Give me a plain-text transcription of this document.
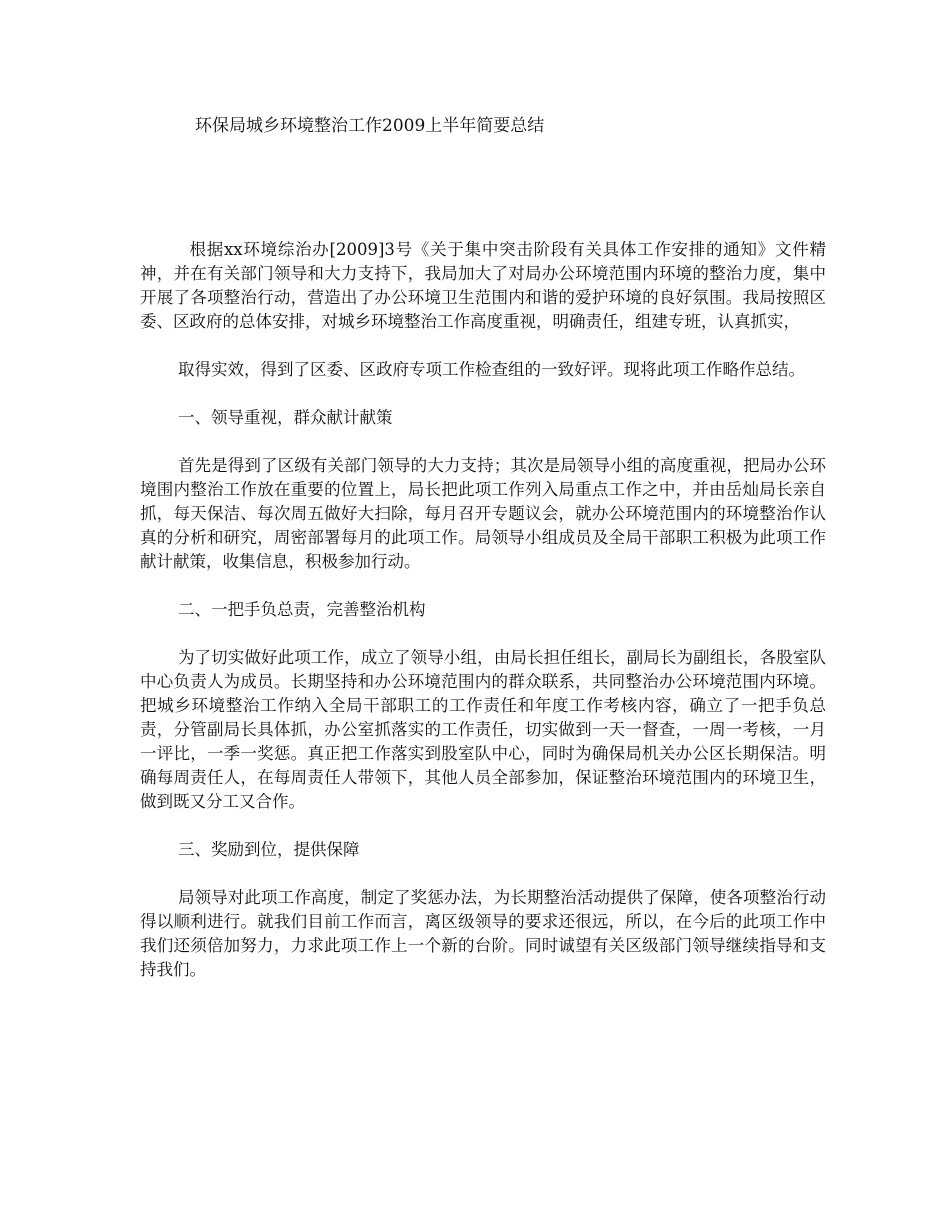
环保局城乡环境整治工作2009上半年简要总结

根据xx环境综治办[2009]3号《关于集中突击阶段有关具体工作安排的通知》文件精神，并在有关部门领导和大力支持下，我局加大了对局办公环境范围内环境的整治力度，集中开展了各项整治行动，营造出了办公环境卫生范围内和谐的爱护环境的良好氛围。我局按照区委、区政府的总体安排，对城乡环境整治工作高度重视，明确责任，组建专班，认真抓实，

取得实效，得到了区委、区政府专项工作检查组的一致好评。现将此项工作略作总结。

一、领导重视，群众献计献策

首先是得到了区级有关部门领导的大力支持；其次是局领导小组的高度重视，把局办公环境围内整治工作放在重要的位置上，局长把此项工作列入局重点工作之中，并由岳灿局长亲自抓，每天保洁、每次周五做好大扫除，每月召开专题议会，就办公环境范围内的环境整治作认真的分析和研究，周密部署每月的此项工作。局领导小组成员及全局干部职工积极为此项工作献计献策，收集信息，积极参加行动。

二、一把手负总责，完善整治机构

为了切实做好此项工作，成立了领导小组，由局长担任组长，副局长为副组长，各股室队中心负责人为成员。长期坚持和办公环境范围内的群众联系，共同整治办公环境范围内环境。把城乡环境整治工作纳入全局干部职工的工作责任和年度工作考核内容，确立了一把手负总责，分管副局长具体抓，办公室抓落实的工作责任，切实做到一天一督查，一周一考核，一月一评比，一季一奖惩。真正把工作落实到股室队中心，同时为确保局机关办公区长期保洁。明确每周责任人，在每周责任人带领下，其他人员全部参加，保证整治环境范围内的环境卫生，做到既又分工又合作。

三、奖励到位，提供保障

局领导对此项工作高度，制定了奖惩办法，为长期整治活动提供了保障，使各项整治行动得以顺利进行。就我们目前工作而言，离区级领导的要求还很远，所以，在今后的此项工作中我们还须倍加努力，力求此项工作上一个新的台阶。同时诚望有关区级部门领导继续指导和支持我们。
